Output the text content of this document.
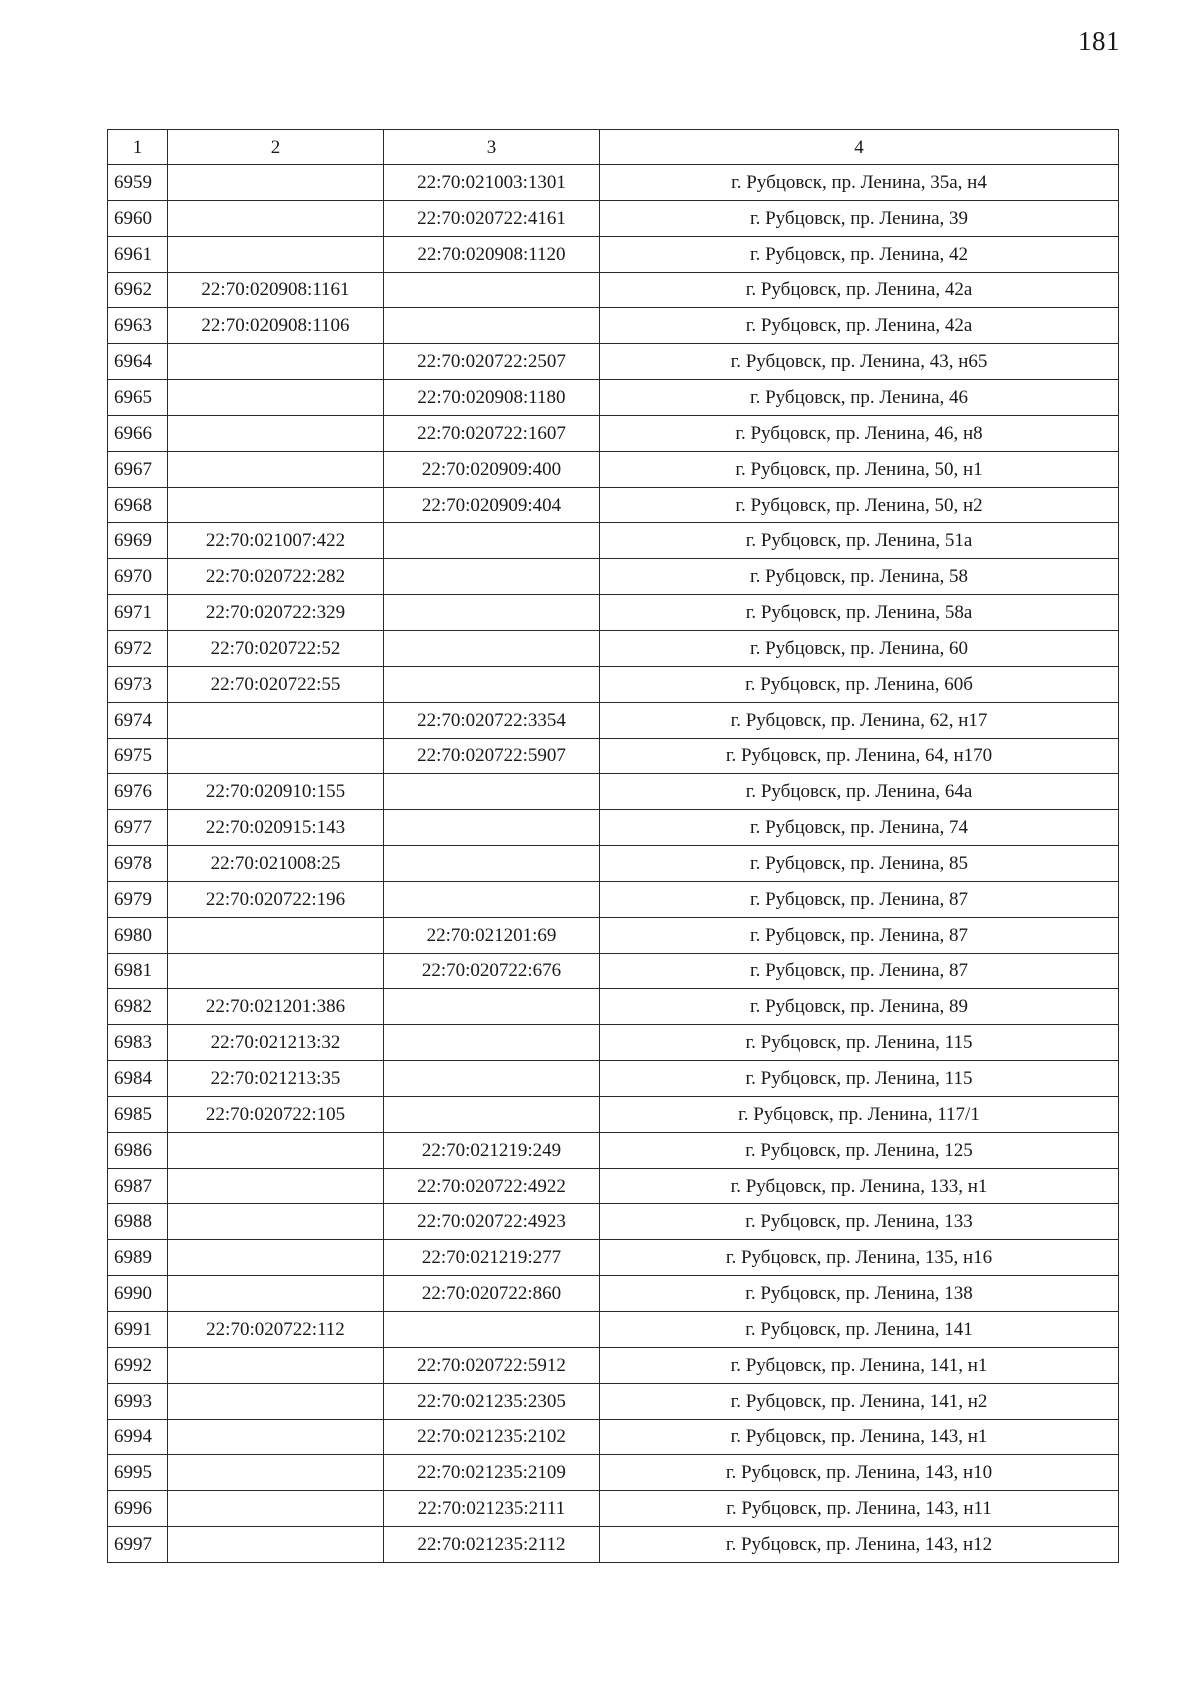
181
1	2	3	4
6959		22:70:021003:1301	г. Рубцовск, пр. Ленина, 35а, н4
6960		22:70:020722:4161	г. Рубцовск, пр. Ленина, 39
6961		22:70:020908:1120	г. Рубцовск, пр. Ленина, 42
6962	22:70:020908:1161		г. Рубцовск, пр. Ленина, 42а
6963	22:70:020908:1106		г. Рубцовск, пр. Ленина, 42а
6964		22:70:020722:2507	г. Рубцовск, пр. Ленина, 43, н65
6965		22:70:020908:1180	г. Рубцовск, пр. Ленина, 46
6966		22:70:020722:1607	г. Рубцовск, пр. Ленина, 46, н8
6967		22:70:020909:400	г. Рубцовск, пр. Ленина, 50, н1
6968		22:70:020909:404	г. Рубцовск, пр. Ленина, 50, н2
6969	22:70:021007:422		г. Рубцовск, пр. Ленина, 51а
6970	22:70:020722:282		г. Рубцовск, пр. Ленина, 58
6971	22:70:020722:329		г. Рубцовск, пр. Ленина, 58а
6972	22:70:020722:52		г. Рубцовск, пр. Ленина, 60
6973	22:70:020722:55		г. Рубцовск, пр. Ленина, 60б
6974		22:70:020722:3354	г. Рубцовск, пр. Ленина, 62, н17
6975		22:70:020722:5907	г. Рубцовск, пр. Ленина, 64, н170
6976	22:70:020910:155		г. Рубцовск, пр. Ленина, 64а
6977	22:70:020915:143		г. Рубцовск, пр. Ленина, 74
6978	22:70:021008:25		г. Рубцовск, пр. Ленина, 85
6979	22:70:020722:196		г. Рубцовск, пр. Ленина, 87
6980		22:70:021201:69	г. Рубцовск, пр. Ленина, 87
6981		22:70:020722:676	г. Рубцовск, пр. Ленина, 87
6982	22:70:021201:386		г. Рубцовск, пр. Ленина, 89
6983	22:70:021213:32		г. Рубцовск, пр. Ленина, 115
6984	22:70:021213:35		г. Рубцовск, пр. Ленина, 115
6985	22:70:020722:105		г. Рубцовск, пр. Ленина, 117/1
6986		22:70:021219:249	г. Рубцовск, пр. Ленина, 125
6987		22:70:020722:4922	г. Рубцовск, пр. Ленина, 133, н1
6988		22:70:020722:4923	г. Рубцовск, пр. Ленина, 133
6989		22:70:021219:277	г. Рубцовск, пр. Ленина, 135, н16
6990		22:70:020722:860	г. Рубцовск, пр. Ленина, 138
6991	22:70:020722:112		г. Рубцовск, пр. Ленина, 141
6992		22:70:020722:5912	г. Рубцовск, пр. Ленина, 141, н1
6993		22:70:021235:2305	г. Рубцовск, пр. Ленина, 141, н2
6994		22:70:021235:2102	г. Рубцовск, пр. Ленина, 143, н1
6995		22:70:021235:2109	г. Рубцовск, пр. Ленина, 143, н10
6996		22:70:021235:2111	г. Рубцовск, пр. Ленина, 143, н11
6997		22:70:021235:2112	г. Рубцовск, пр. Ленина, 143, н12
